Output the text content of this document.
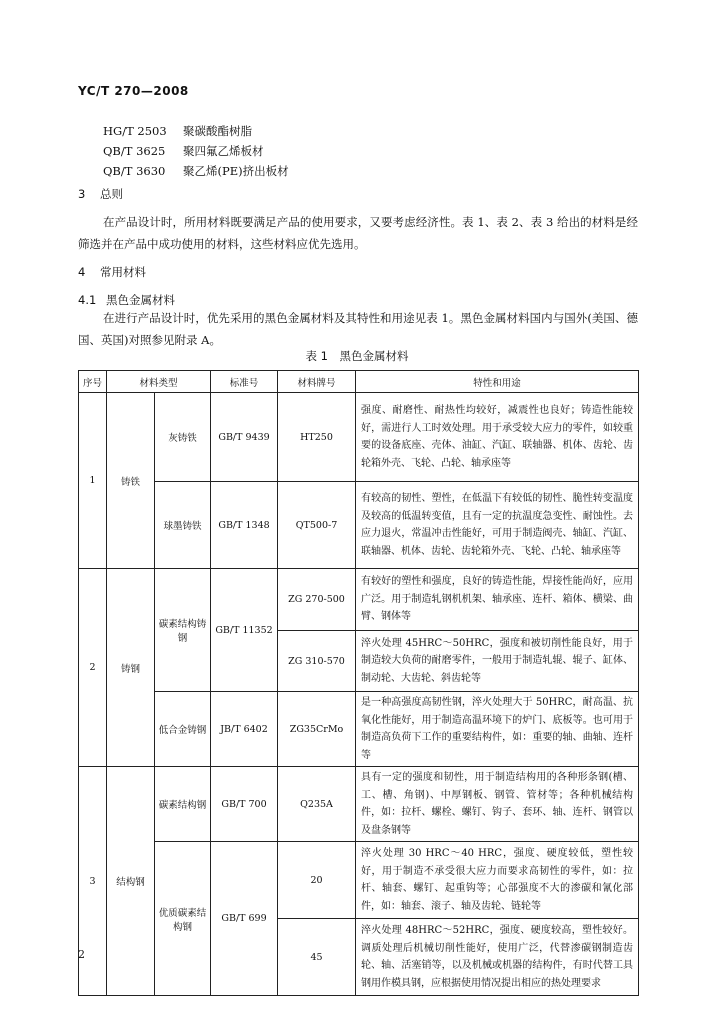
YC/T 270—2008
HG/T 2503 聚碳酸酯树脂
QB/T 3625 聚四氟乙烯板材
QB/T 3630 聚乙烯(PE)挤出板材
3 总则
在产品设计时，所用材料既要满足产品的使用要求，又要考虑经济性。表 1、表 2、表 3 给出的材料是经筛选并在产品中成功使用的材料，这些材料应优先选用。
4 常用材料
4.1 黑色金属材料
在进行产品设计时，优先采用的黑色金属材料及其特性和用途见表 1。黑色金属材料国内与国外(美国、德国、英国)对照参见附录 A。
表 1　黑色金属材料
序号	材料类型		标准号	材料牌号	特性和用途
1	铸铁	灰铸铁	GB/T 9439	HT250	强度、耐磨性、耐热性均较好，减震性也良好；铸造性能较好，需进行人工时效处理。用于承受较大应力的零件，如较重要的设备底座、壳体、油缸、汽缸、联轴器、机体、齿轮、齿轮箱外壳、飞轮、凸轮、轴承座等
		球墨铸铁	GB/T 1348	QT500-7	有较高的韧性、塑性，在低温下有较低的韧性、脆性转变温度及较高的低温转变值，且有一定的抗温度急变性、耐蚀性。去应力退火，常温冲击性能好，可用于制造阀壳、轴缸、汽缸、联轴器、机体、齿轮、齿轮箱外壳、飞轮、凸轮、轴承座等
2	铸钢	碳素结构铸钢	GB/T 11352	ZG 270-500	有较好的塑性和强度，良好的铸造性能，焊接性能尚好，应用广泛。用于制造轧钢机机架、轴承座、连杆、箱体、横梁、曲臂、钢体等
				ZG 310-570	淬火处理 45HRC～50HRC，强度和被切削性能良好，用于制造较大负荷的耐磨零件，一般用于制造轧辊、辊子、缸体、制动轮、大齿轮、斜齿轮等
		低合金铸钢	JB/T 6402	ZG35CrMo	是一种高强度高韧性钢，淬火处理大于 50HRC，耐高温、抗氧化性能好，用于制造高温环境下的炉门、底板等。也可用于制造高负荷下工作的重要结构件，如：重要的轴、曲轴、连杆等
3	结构钢	碳素结构钢	GB/T 700	Q235A	具有一定的强度和韧性，用于制造结构用的各种形条钢(槽、工、槽、角钢)、中厚钢板、钢管、管材等；各种机械结构件，如：拉杆、螺栓、螺钉、钩子、套环、轴、连杆、钢管以及盘条钢等
		优质碳素结构钢	GB/T 699	20	淬火处理 30 HRC～40 HRC，强度、硬度较低，塑性较好，用于制造不承受很大应力而要求高韧性的零件，如：拉杆、轴套、螺钉、起重钩等；心部强度不大的渗碳和氰化部件，如：轴套、滚子、轴及齿轮、链轮等
				45	淬火处理 48HRC～52HRC，强度、硬度较高，塑性较好。调质处理后机械切削性能好，使用广泛，代替渗碳钢制造齿轮、轴、活塞销等，以及机械或机器的结构件，有时代替工具钢用作模具钢，应根据使用情况提出相应的热处理要求
2
